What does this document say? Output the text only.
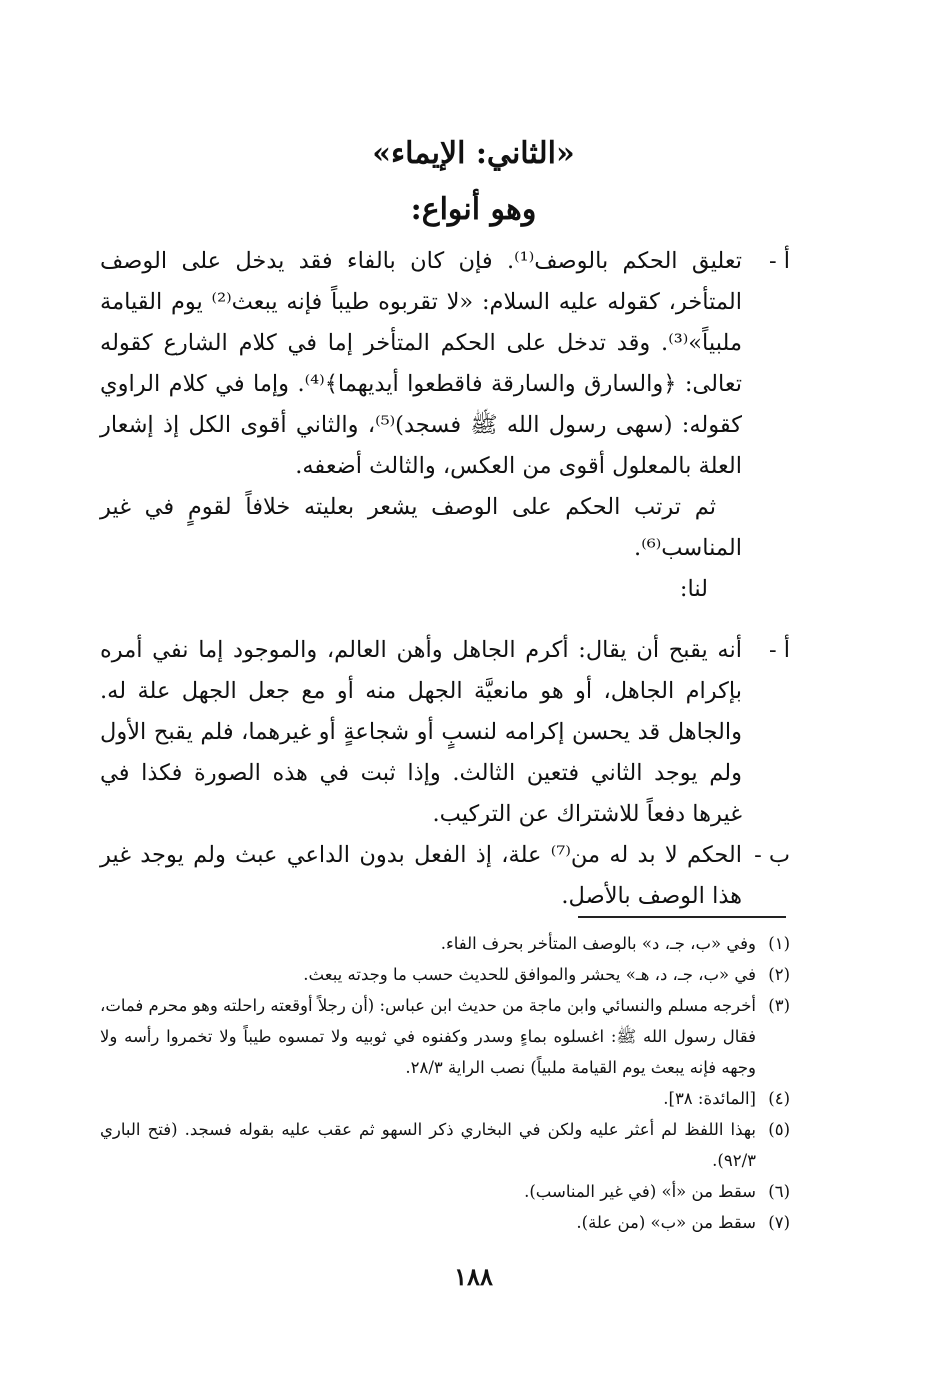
«الثاني: الإيماء»
وهو أنواع:
أ -
تعليق الحكم بالوصف⁽¹⁾. فإن كان بالفاء فقد يدخل على الوصف المتأخر، كقوله عليه السلام: «لا تقربوه طيباً فإنه يبعث⁽²⁾ يوم القيامة ملبياً»⁽³⁾. وقد تدخل على الحكم المتأخر إما في كلام الشارع كقوله تعالى: ﴿والسارق والسارقة فاقطعوا أيديهما﴾⁽⁴⁾. وإما في كلام الراوي كقوله: (سهى رسول الله ﷺ فسجد)⁽⁵⁾، والثاني أقوى الكل إذ إشعار العلة بالمعلول أقوى من العكس، والثالث أضعفه.
ثم ترتب الحكم على الوصف يشعر بعليته خلافاً لقومٍ في غير المناسب⁽⁶⁾.
لنا:
أ -
أنه يقبح أن يقال: أكرم الجاهل وأهن العالم، والموجود إما نفي أمره بإكرام الجاهل، أو هو مانعيَّة الجهل منه أو مع جعل الجهل علة له. والجاهل قد يحسن إكرامه لنسبٍ أو شجاعةٍ أو غيرهما، فلم يقبح الأول ولم يوجد الثاني فتعين الثالث. وإذا ثبت في هذه الصورة فكذا في غيرها دفعاً للاشتراك عن التركيب.
ب -
الحكم لا بد له من⁽⁷⁾ علة، إذ الفعل بدون الداعي عبث ولم يوجد غير هذا الوصف بالأصل.
(١)
وفي «ب، جـ، د» بالوصف المتأخر بحرف الفاء.
(٢)
في «ب، جـ، د، هـ» يحشر والموافق للحديث حسب ما وجدته يبعث.
(٣)
أخرجه مسلم والنسائي وابن ماجة من حديث ابن عباس: (أن رجلاً أوقعته راحلته وهو محرم فمات، فقال رسول الله ﷺ: اغسلوه بماءٍ وسدر وكفنوه في ثوبيه ولا تمسوه طيباً ولا تخمروا رأسه ولا وجهه فإنه يبعث يوم القيامة ملبياً) نصب الراية ٢٨/٣.
(٤)
[المائدة: ٣٨].
(٥)
بهذا اللفظ لم أعثر عليه ولكن في البخاري ذكر السهو ثم عقب عليه بقوله فسجد. (فتح الباري ٩٢/٣).
(٦)
سقط من «أ» (في غير المناسب).
(٧)
سقط من «ب» (من علة).
١٨٨
